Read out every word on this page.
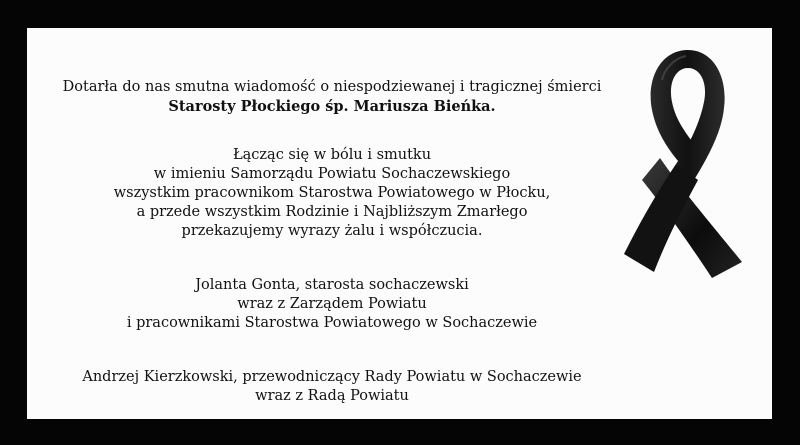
Dotarła do nas smutna wiadomość o niespodziewanej i tragicznej śmierci
Starosty Płockiego śp. Mariusza Bieńka.
Łącząc się w bólu i smutku
w imieniu Samorządu Powiatu Sochaczewskiego
wszystkim pracownikom Starostwa Powiatowego w Płocku,
a przede wszystkim Rodzinie i Najbliższym Zmarłego
przekazujemy wyrazy żalu i współczucia.
Jolanta Gonta, starosta sochaczewski
wraz z Zarządem Powiatu
i pracownikami Starostwa Powiatowego w Sochaczewie
Andrzej Kierzkowski, przewodniczący Rady Powiatu w Sochaczewie
wraz z Radą Powiatu
